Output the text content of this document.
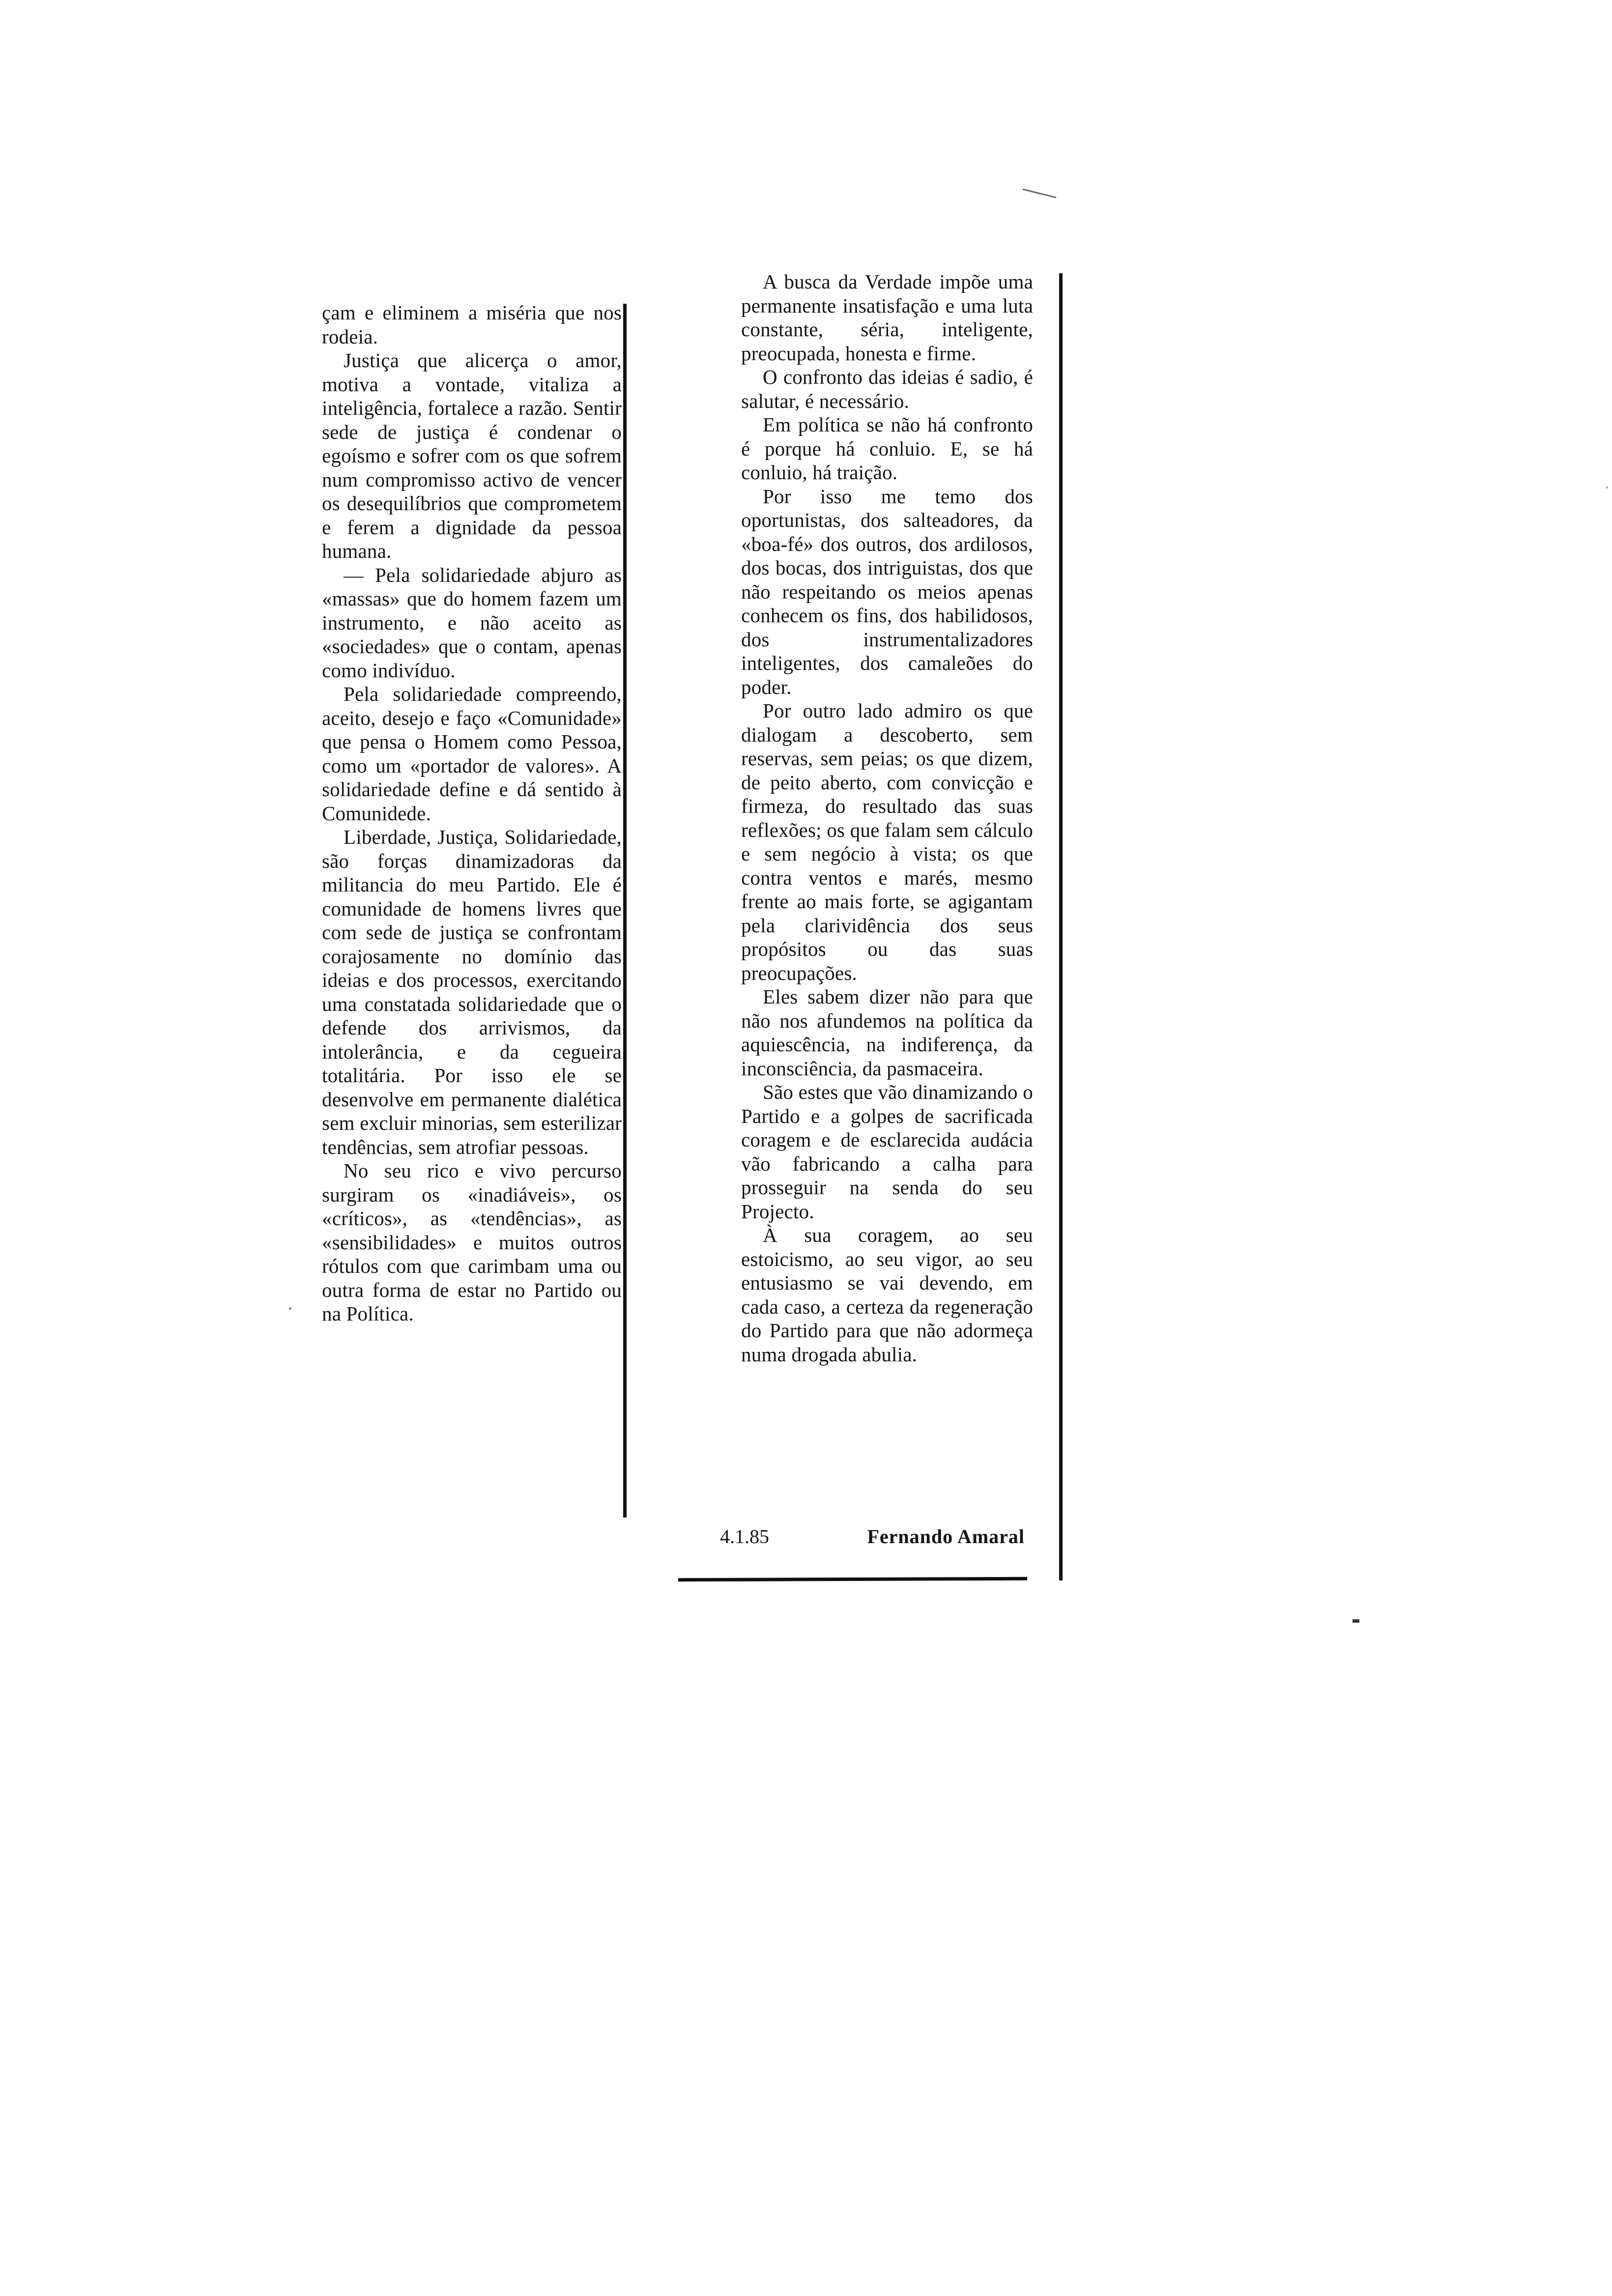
çam e eliminem a miséria que nos rodeia.

Justiça que alicerça o amor, motiva a vontade, vitaliza a inteligência, fortalece a razão. Sentir sede de justiça é condenar o egoísmo e sofrer com os que sofrem num compromisso activo de vencer os desequilíbrios que comprometem e ferem a dignidade da pessoa humana.

— Pela solidariedade abjuro as «massas» que do homem fazem um instrumento, e não aceito as «sociedades» que o contam, apenas como indivíduo.

Pela solidariedade compreendo, aceito, desejo e faço «Comunidade» que pensa o Homem como Pessoa, como um «portador de valores». A solidariedade define e dá sentido à Comunidede.

Liberdade, Justiça, Solidariedade, são forças dinamizadoras da militancia do meu Partido. Ele é comunidade de homens livres que com sede de justiça se confrontam corajosamente no domínio das ideias e dos processos, exercitando uma constatada solidariedade que o defende dos arrivismos, da intolerância, e da cegueira totalitária. Por isso ele se desenvolve em permanente dialética sem excluir minorias, sem esterilizar tendências, sem atrofiar pessoas.

No seu rico e vivo percurso surgiram os «inadiáveis», os «críticos», as «tendências», as «sensibilidades» e muitos outros rótulos com que carimbam uma ou outra forma de estar no Partido ou na Política.

A busca da Verdade impõe uma permanente insatisfação e uma luta constante, séria, inteligente, preocupada, honesta e firme.

O confronto das ideias é sadio, é salutar, é necessário.

Em política se não há confronto é porque há conluio. E, se há conluio, há traição.

Por isso me temo dos oportunistas, dos salteadores, da «boa-fé» dos outros, dos ardilosos, dos bocas, dos intriguistas, dos que não respeitando os meios apenas conhecem os fins, dos habilidosos, dos instrumentalizadores inteligentes, dos camaleões do poder.

Por outro lado admiro os que dialogam a descoberto, sem reservas, sem peias; os que dizem, de peito aberto, com convicção e firmeza, do resultado das suas reflexões; os que falam sem cálculo e sem negócio à vista; os que contra ventos e marés, mesmo frente ao mais forte, se agigantam pela clarividência dos seus propósitos ou das suas preocupações.

Eles sabem dizer não para que não nos afundemos na política da aquiescência, na indiferença, da inconsciência, da pasmaceira.

São estes que vão dinamizando o Partido e a golpes de sacrificada coragem e de esclarecida audácia vão fabricando a calha para prosseguir na senda do seu Projecto.

À sua coragem, ao seu estoicismo, ao seu vigor, ao seu entusiasmo se vai devendo, em cada caso, a certeza da regeneração do Partido para que não adormeça numa drogada abulia.

4.1.85	Fernando Amaral
